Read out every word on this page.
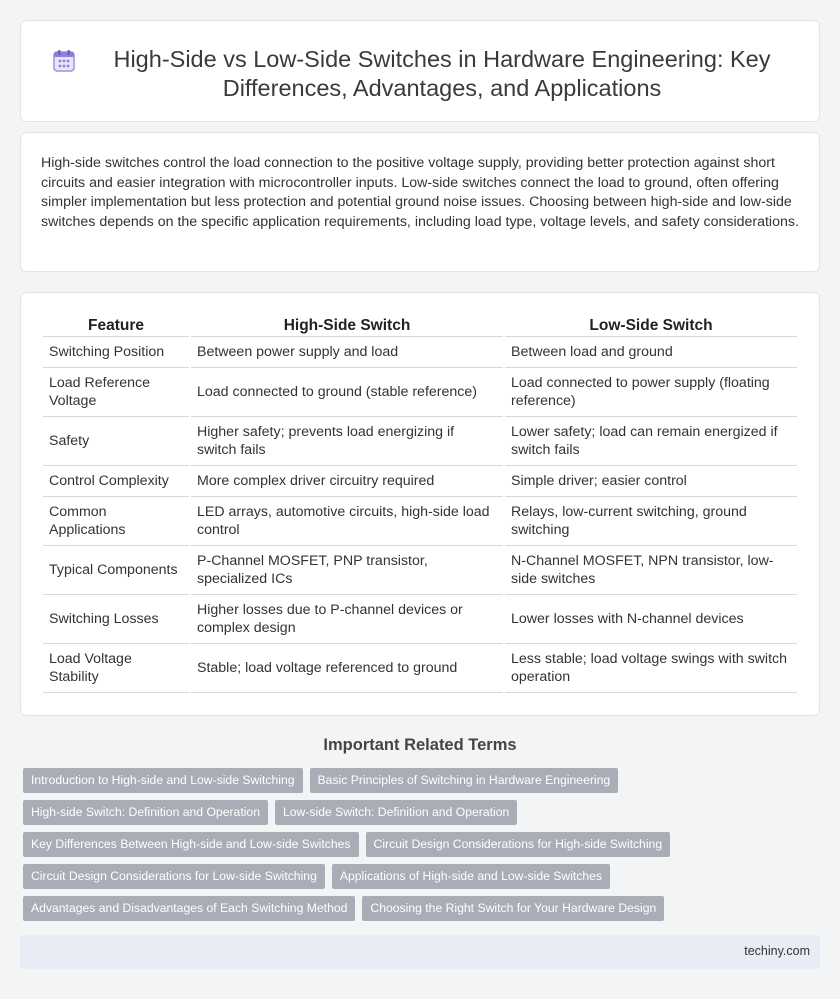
High-Side vs Low-Side Switches in Hardware Engineering: Key Differences, Advantages, and Applications

High-side switches control the load connection to the positive voltage supply, providing better protection against short circuits and easier integration with microcontroller inputs. Low-side switches connect the load to ground, often offering simpler implementation but less protection and potential ground noise issues. Choosing between high-side and low-side switches depends on the specific application requirements, including load type, voltage levels, and safety considerations.

Feature	High-Side Switch	Low-Side Switch
Switching Position	Between power supply and load	Between load and ground
Load Reference Voltage	Load connected to ground (stable reference)	Load connected to power supply (floating reference)
Safety	Higher safety; prevents load energizing if switch fails	Lower safety; load can remain energized if switch fails
Control Complexity	More complex driver circuitry required	Simple driver; easier control
Common Applications	LED arrays, automotive circuits, high-side load control	Relays, low-current switching, ground switching
Typical Components	P-Channel MOSFET, PNP transistor, specialized ICs	N-Channel MOSFET, NPN transistor, low-side switches
Switching Losses	Higher losses due to P-channel devices or complex design	Lower losses with N-channel devices
Load Voltage Stability	Stable; load voltage referenced to ground	Less stable; load voltage swings with switch operation
Important Related Terms
Introduction to High-side and Low-side Switching	Basic Principles of Switching in Hardware Engineering
High-side Switch: Definition and Operation	Low-side Switch: Definition and Operation
Key Differences Between High-side and Low-side Switches	Circuit Design Considerations for High-side Switching
Circuit Design Considerations for Low-side Switching	Applications of High-side and Low-side Switches
Advantages and Disadvantages of Each Switching Method	Choosing the Right Switch for Your Hardware Design
techiny.com
